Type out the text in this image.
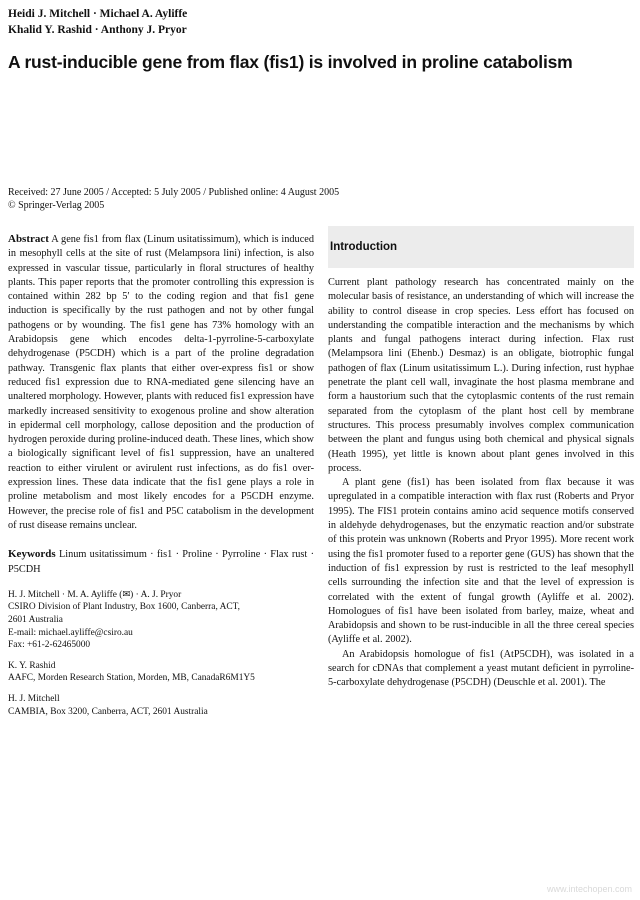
Heidi J. Mitchell · Michael A. Ayliffe
Khalid Y. Rashid · Anthony J. Pryor
A rust-inducible gene from flax (fis1) is involved in proline catabolism
Received: 27 June 2005 / Accepted: 5 July 2005 / Published online: 4 August 2005
© Springer-Verlag 2005

Abstract A gene fis1 from flax (Linum usitatissimum), which is induced in mesophyll cells at the site of rust (Melampsora lini) infection, is also expressed in vascular tissue, particularly in floral structures of healthy plants. This paper reports that the promoter controlling this expression is contained within 282 bp 5′ to the coding region and that fis1 gene induction is specifically by the rust pathogen and not by other fungal pathogens or by wounding. The fis1 gene has 73% homology with an Arabidopsis gene which encodes delta-1-pyrroline-5-carboxylate dehydrogenase (P5CDH) which is a part of the proline degradation pathway. Transgenic flax plants that either over-express fis1 or show reduced fis1 expression due to RNA-mediated gene silencing have an unaltered morphology. However, plants with reduced fis1 expression have markedly increased sensitivity to exogenous proline and show alteration in epidermal cell morphology, callose deposition and the production of hydrogen peroxide during proline-induced death. These lines, which show a biologically significant level of fis1 suppression, have an unaltered reaction to either virulent or avirulent rust infections, as do fis1 over-expression lines. These data indicate that the fis1 gene plays a role in proline metabolism and most likely encodes for a P5CDH enzyme. However, the precise role of fis1 and P5C catabolism in the development of rust disease remains unclear.

Keywords Linum usitatissimum · fis1 · Proline · Pyrroline · Flax rust · P5CDH

H. J. Mitchell · M. A. Ayliffe (✉) · A. J. Pryor
CSIRO Division of Plant Industry, Box 1600, Canberra, ACT,
2601 Australia
E-mail: michael.ayliffe@csiro.au
Fax: +61-2-62465000
K. Y. Rashid
AAFC, Morden Research Station, Morden, MB, CanadaR6M1Y5
H. J. Mitchell
CAMBIA, Box 3200, Canberra, ACT, 2601 Australia
Introduction

Current plant pathology research has concentrated mainly on the molecular basis of resistance, an understanding of which will increase the ability to control disease in crop species. Less effort has focused on understanding the compatible interaction and the mechanisms by which plants and fungal pathogens interact during infection. Flax rust (Melampsora lini (Ehenb.) Desmaz) is an obligate, biotrophic fungal pathogen of flax (Linum usitatissimum L.). During infection, rust hyphae penetrate the plant cell wall, invaginate the host plasma membrane and form a haustorium such that the cytoplasmic contents of the rust remain separated from the cytoplasm of the plant host cell by membrane structures. This process presumably involves complex communication between the plant and fungus using both chemical and physical signals (Heath 1995), yet little is known about plant genes involved in this process.

A plant gene (fis1) has been isolated from flax because it was upregulated in a compatible interaction with flax rust (Roberts and Pryor 1995). The FIS1 protein contains amino acid sequence motifs conserved in aldehyde dehydrogenases, but the enzymatic reaction and/or substrate of this protein was unknown (Roberts and Pryor 1995). More recent work using the fis1 promoter fused to a reporter gene (GUS) has shown that the induction of fis1 expression by rust is restricted to the leaf mesophyll cells surrounding the infection site and that the level of expression is correlated with the extent of fungal growth (Ayliffe et al. 2002). Homologues of fis1 have been isolated from barley, maize, wheat and Arabidopsis and shown to be rust-inducible in all the three cereal species (Ayliffe et al. 2002).

An Arabidopsis homologue of fis1 (AtP5CDH), was isolated in a search for cDNAs that complement a yeast mutant deficient in pyrroline-5-carboxylate dehydrogenase (P5CDH) (Deuschle et al. 2001). The

www.intechopen.com
